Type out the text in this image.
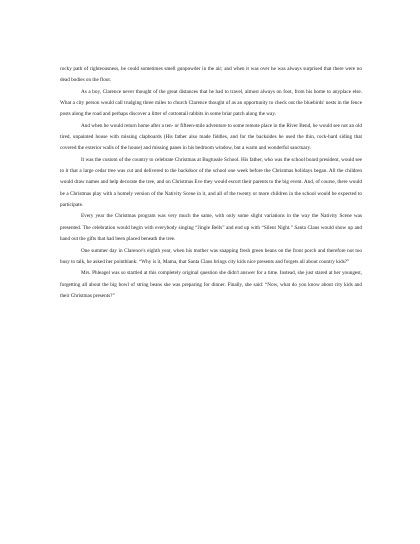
rocky path of righteousness, he could sometimes smell gunpowder in the air; and when it was over he was always surprised that there were no dead bodies on the floor.

As a boy, Clarence never thought of the great distances that he had to travel, almost always on foot, from his home to anyplace else. What a city person would call trudging three miles to church Clarence thought of as an opportunity to check out the bluebirds' nests in the fence posts along the road and perhaps discover a litter of cottontail rabbits in some briar patch along the way.

And when he would return home after a ten- or fifteen-mile adventure to some remote place in the River Bend, he would see not an old tired, unpainted house with missing clapboards (His father also made fiddles, and for the backsides he used the thin, rock-hard siding that covered the exterior walls of the house) and missing panes in his bedroom window, but a warm and wonderful sanctuary.

It was the custom of the country to celebrate Christmas at Bugtussle School. His father, who was the school board president, would see to it that a large cedar tree was cut and delivered to the backdoor of the school one week before the Christmas holidays began. All the children would draw names and help decorate the tree, and on Christmas Eve they would escort their parents to the big event. And, of course, there would be a Christmas play with a homely version of the Nativity Scene in it, and all of the twenty or more children in the school would be expected to participate.

Every year the Christmas program was very much the same, with only some slight variations in the way the Nativity Scene was presented. The celebration would begin with everybody singing “Jingle Bells” and end up with “Silent Night.” Santa Claus would show up and hand out the gifts that had been placed beneath the tree.

One summer day in Clarence's eighth year, when his mother was snapping fresh green beans on the front porch and therefore not too busy to talk, he asked her pointblank: “Why is it, Mama, that Santa Claus brings city kids nice presents and forgets all about country kids?”

Mrs. Phleagel was so startled at this completely original question she didn't answer for a time. Instead, she just stared at her youngest, forgetting all about the big bowl of string beans she was preparing for dinner. Finally, she said: “Now, what do you know about city kids and their Christmas presents?”
